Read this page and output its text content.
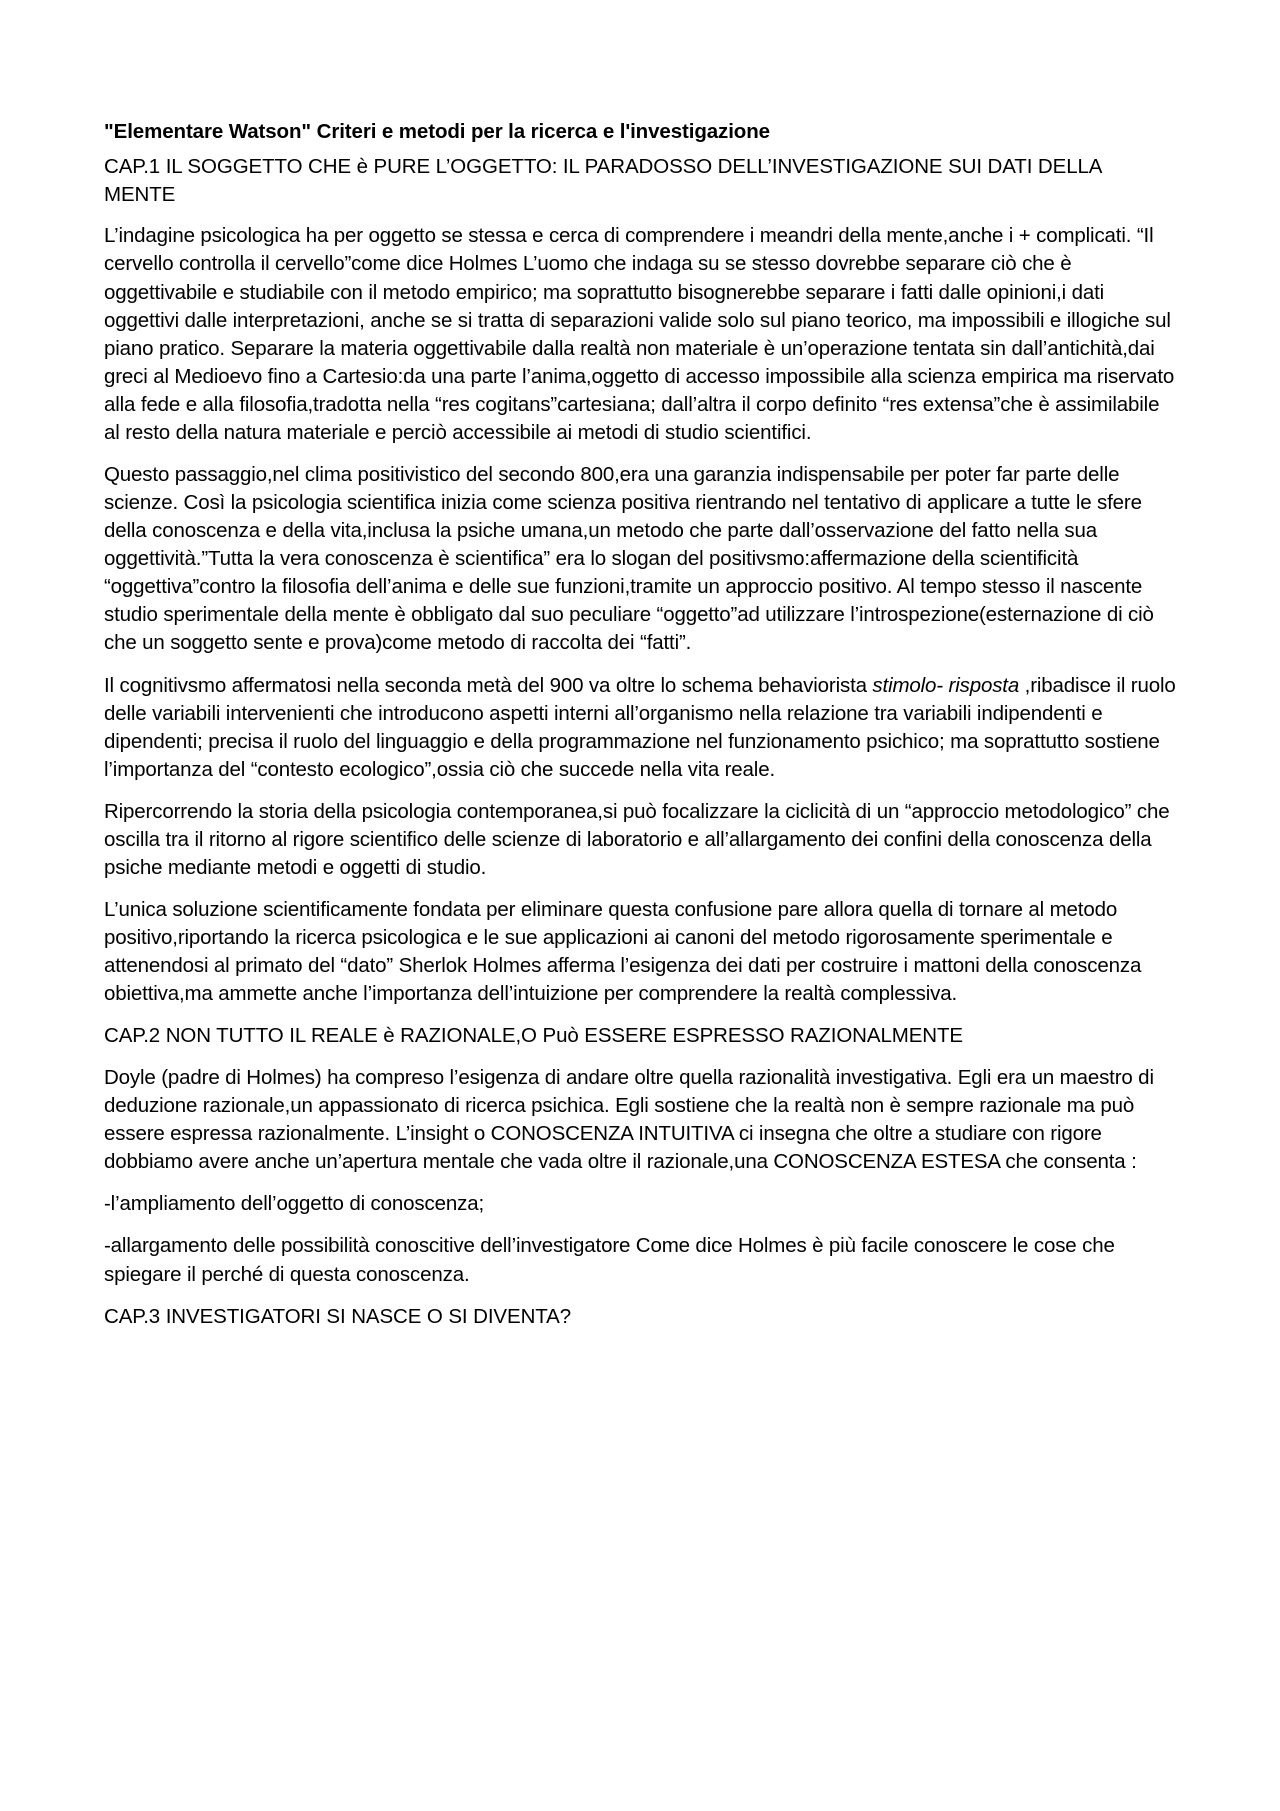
"Elementare Watson" Criteri e metodi per la ricerca e l'investigazione
CAP.1 IL SOGGETTO CHE è PURE L’OGGETTO: IL PARADOSSO DELL’INVESTIGAZIONE SUI DATI DELLA MENTE

L’indagine psicologica ha per oggetto se stessa e cerca di comprendere i meandri della mente,anche i + complicati. “Il cervello controlla il cervello”come dice Holmes L’uomo che indaga su se stesso dovrebbe separare ciò che è oggettivabile e studiabile con il metodo empirico; ma soprattutto bisognerebbe separare i fatti dalle opinioni,i dati oggettivi dalle interpretazioni, anche se si tratta di separazioni valide solo sul piano teorico, ma impossibili e illogiche sul piano pratico. Separare la materia oggettivabile dalla realtà non materiale è un’operazione tentata sin dall’antichità,dai greci al Medioevo fino a Cartesio:da una parte l’anima,oggetto di accesso impossibile alla scienza empirica ma riservato alla fede e alla filosofia,tradotta nella “res cogitans”cartesiana; dall’altra il corpo definito “res extensa”che è assimilabile al resto della natura materiale e perciò accessibile ai metodi di studio scientifici.

Questo passaggio,nel clima positivistico del secondo 800,era una garanzia indispensabile per poter far parte delle scienze. Così la psicologia scientifica inizia come scienza positiva rientrando nel tentativo di applicare a tutte le sfere della conoscenza e della vita,inclusa la psiche umana,un metodo che parte dall’osservazione del fatto nella sua oggettività.”Tutta la vera conoscenza è scientifica” era lo slogan del positivsmo:affermazione della scientificità “oggettiva”contro la filosofia dell’anima e delle sue funzioni,tramite un approccio positivo. Al tempo stesso il nascente studio sperimentale della mente è obbligato dal suo peculiare “oggetto”ad utilizzare l’introspezione(esternazione di ciò che un soggetto sente e prova)come metodo di raccolta dei “fatti”.

Il cognitivsmo affermatosi nella seconda metà del 900 va oltre lo schema behaviorista stimolo- risposta ,ribadisce il ruolo delle variabili intervenienti che introducono aspetti interni all’organismo nella relazione tra variabili indipendenti e dipendenti; precisa il ruolo del linguaggio e della programmazione nel funzionamento psichico; ma soprattutto sostiene l’importanza del “contesto ecologico”,ossia ciò che succede nella vita reale.

Ripercorrendo la storia della psicologia contemporanea,si può focalizzare la ciclicità di un “approccio metodologico” che oscilla tra il ritorno al rigore scientifico delle scienze di laboratorio e all’allargamento dei confini della conoscenza della psiche mediante metodi e oggetti di studio.

L’unica soluzione scientificamente fondata per eliminare questa confusione pare allora quella di tornare al metodo positivo,riportando la ricerca psicologica e le sue applicazioni ai canoni del metodo rigorosamente sperimentale e attenendosi al primato del “dato” Sherlok Holmes afferma l’esigenza dei dati per costruire i mattoni della conoscenza obiettiva,ma ammette anche l’importanza dell’intuizione per comprendere la realtà complessiva.

CAP.2 NON TUTTO IL REALE è RAZIONALE,O Può ESSERE ESPRESSO RAZIONALMENTE

Doyle (padre di Holmes) ha compreso l’esigenza di andare oltre quella razionalità investigativa. Egli era un maestro di deduzione razionale,un appassionato di ricerca psichica. Egli sostiene che la realtà non è sempre razionale ma può essere espressa razionalmente. L’insight o CONOSCENZA INTUITIVA ci insegna che oltre a studiare con rigore dobbiamo avere anche un’apertura mentale che vada oltre il razionale,una CONOSCENZA ESTESA che consenta :

-l’ampliamento dell’oggetto di conoscenza;

-allargamento delle possibilità conoscitive dell’investigatore Come dice Holmes è più facile conoscere le cose che spiegare il perché di questa conoscenza.

CAP.3 INVESTIGATORI SI NASCE O SI DIVENTA?
